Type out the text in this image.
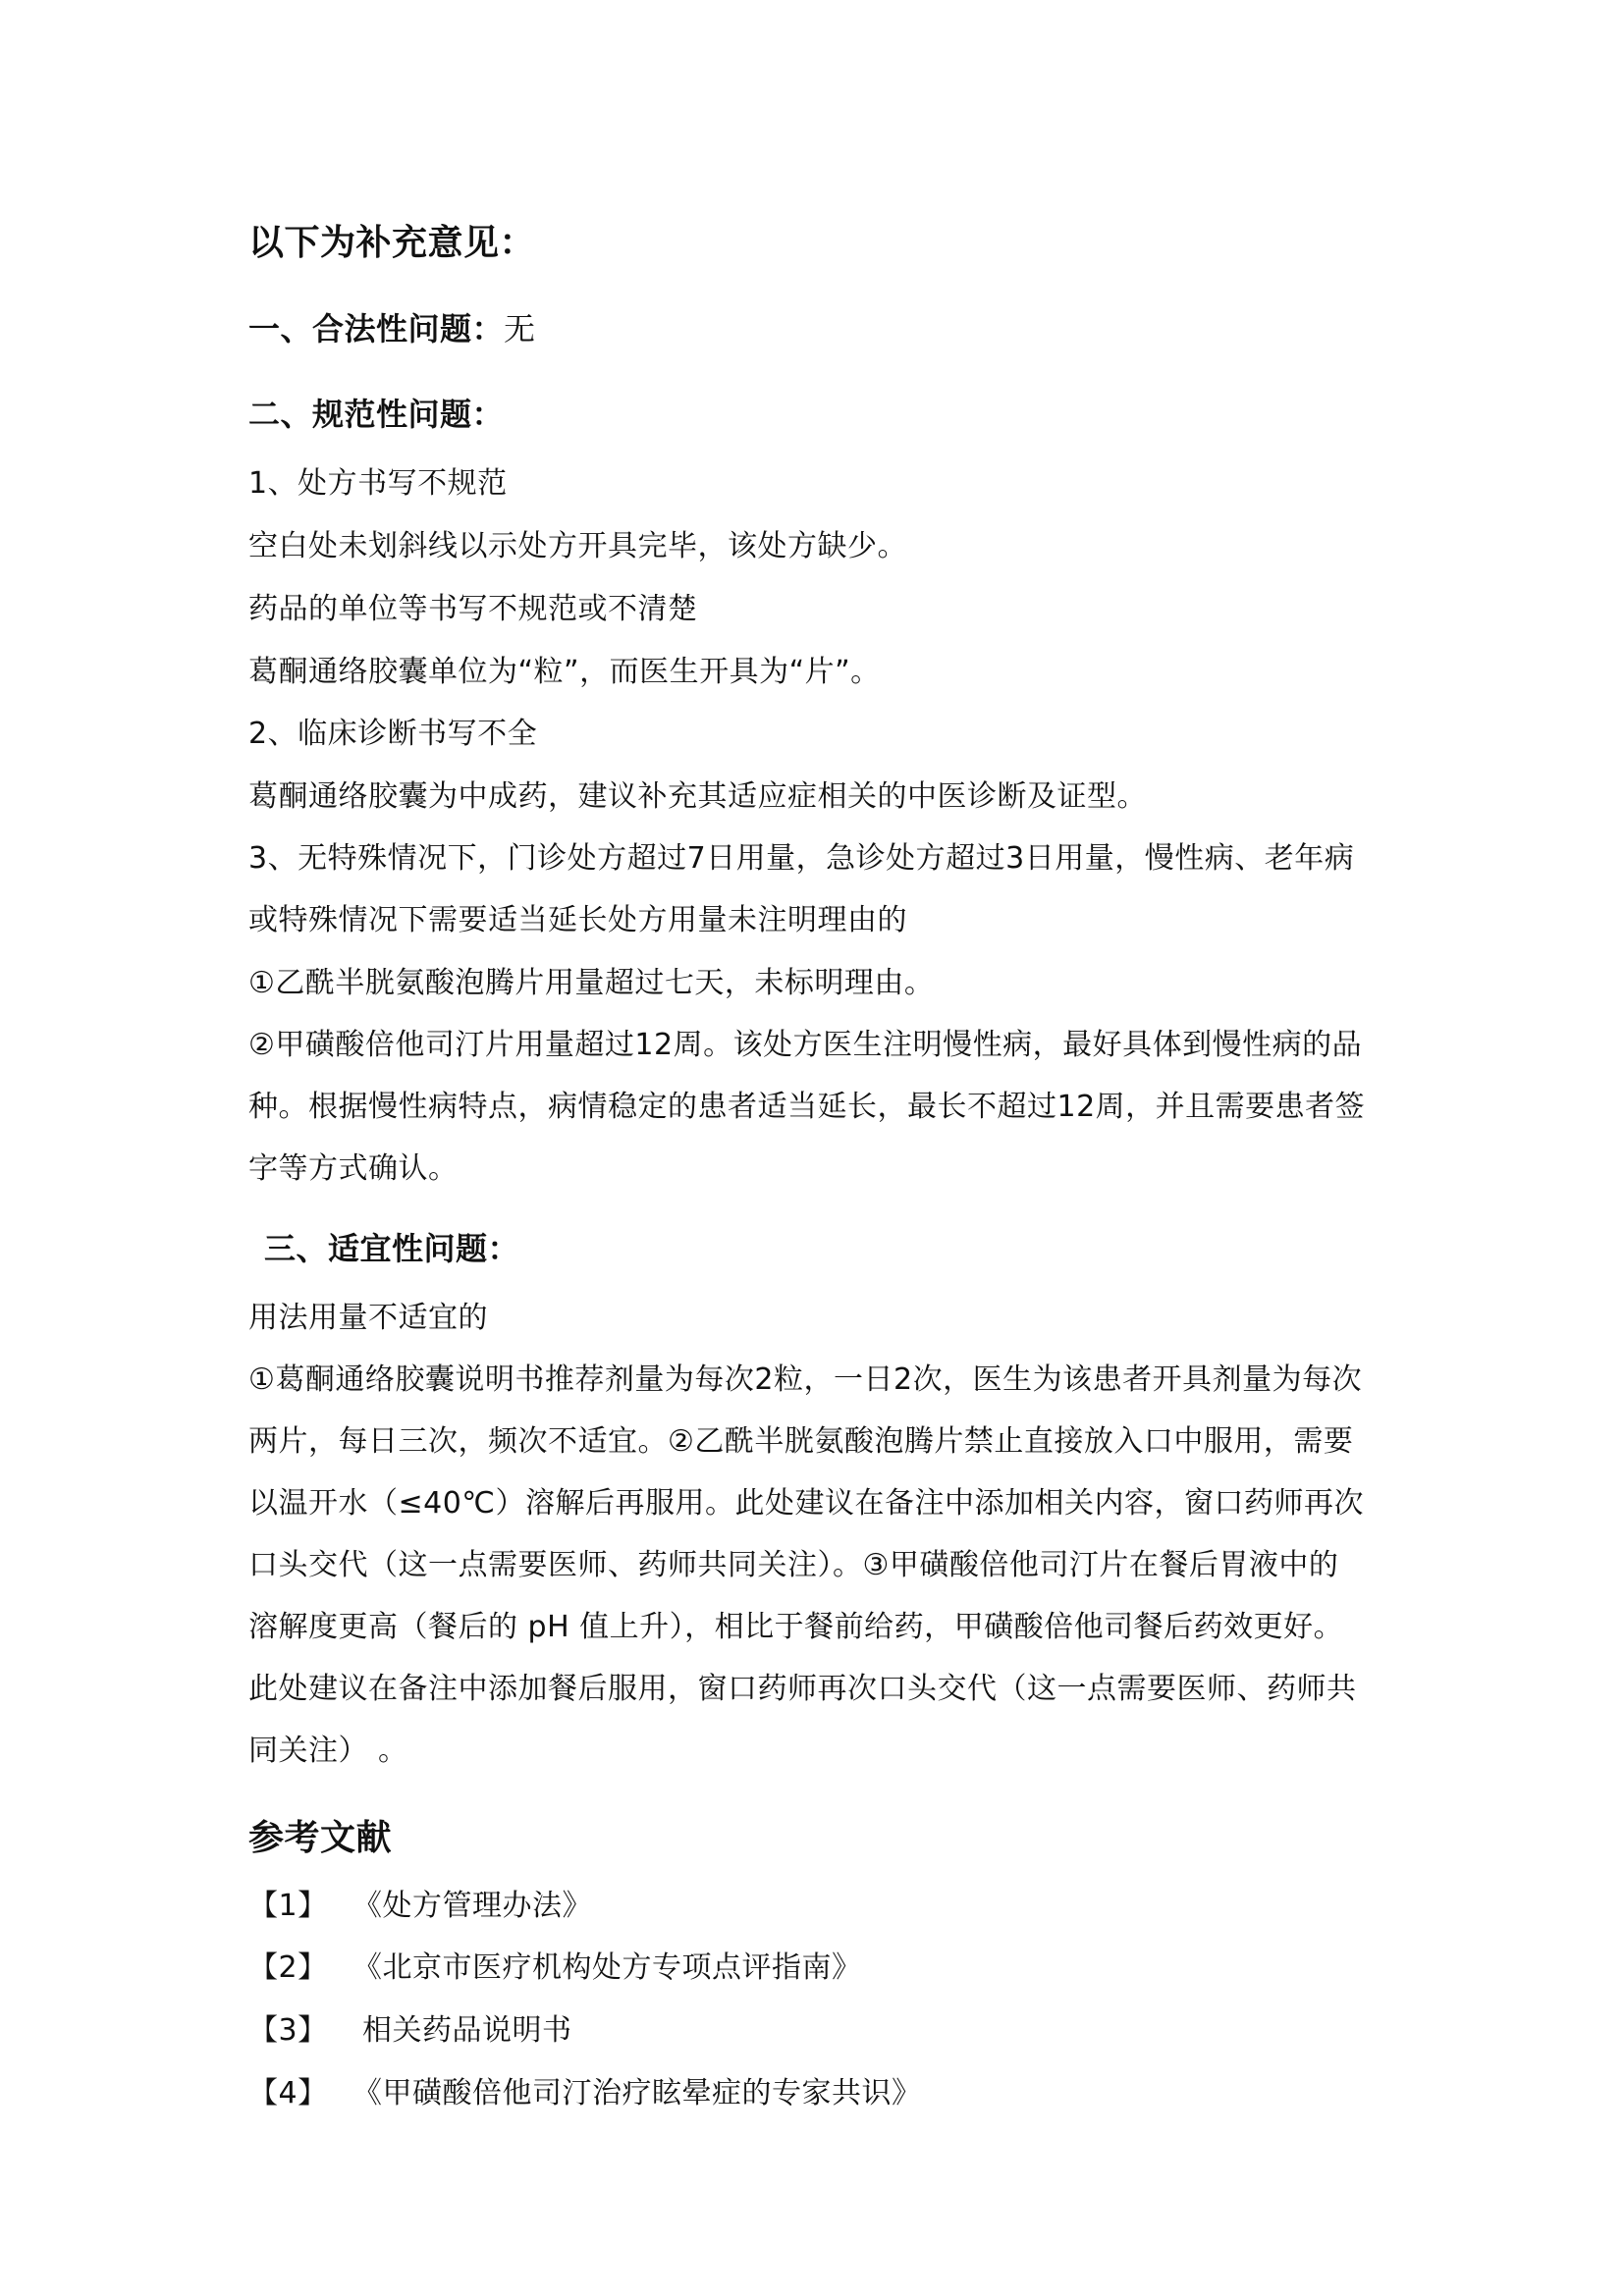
以下为补充意见：
一、合法性问题：无
二、规范性问题：
1、处方书写不规范
空白处未划斜线以示处方开具完毕，该处方缺少。
药品的单位等书写不规范或不清楚
葛酮通络胶囊单位为“粒”，而医生开具为“片”。
2、临床诊断书写不全
葛酮通络胶囊为中成药，建议补充其适应症相关的中医诊断及证型。
3、无特殊情况下，门诊处方超过7日用量，急诊处方超过3日用量，慢性病、老年病
或特殊情况下需要适当延长处方用量未注明理由的
①乙酰半胱氨酸泡腾片用量超过七天，未标明理由。
②甲磺酸倍他司汀片用量超过12周。该处方医生注明慢性病，最好具体到慢性病的品
种。根据慢性病特点，病情稳定的患者适当延长，最长不超过12周，并且需要患者签
字等方式确认。
三、适宜性问题：
用法用量不适宜的
①葛酮通络胶囊说明书推荐剂量为每次2粒，一日2次，医生为该患者开具剂量为每次
两片，每日三次，频次不适宜。②乙酰半胱氨酸泡腾片禁止直接放入口中服用，需要
以温开水（≤40℃）溶解后再服用。此处建议在备注中添加相关内容，窗口药师再次
口头交代（这一点需要医师、药师共同关注）。③甲磺酸倍他司汀片在餐后胃液中的
溶解度更高（餐后的 pH 值上升），相比于餐前给药，甲磺酸倍他司餐后药效更好。
此处建议在备注中添加餐后服用，窗口药师再次口头交代（这一点需要医师、药师共
同关注） 。
参考文献
【1】 《处方管理办法》
【2】 《北京市医疗机构处方专项点评指南》
【3】 相关药品说明书
【4】 《甲磺酸倍他司汀治疗眩晕症的专家共识》
